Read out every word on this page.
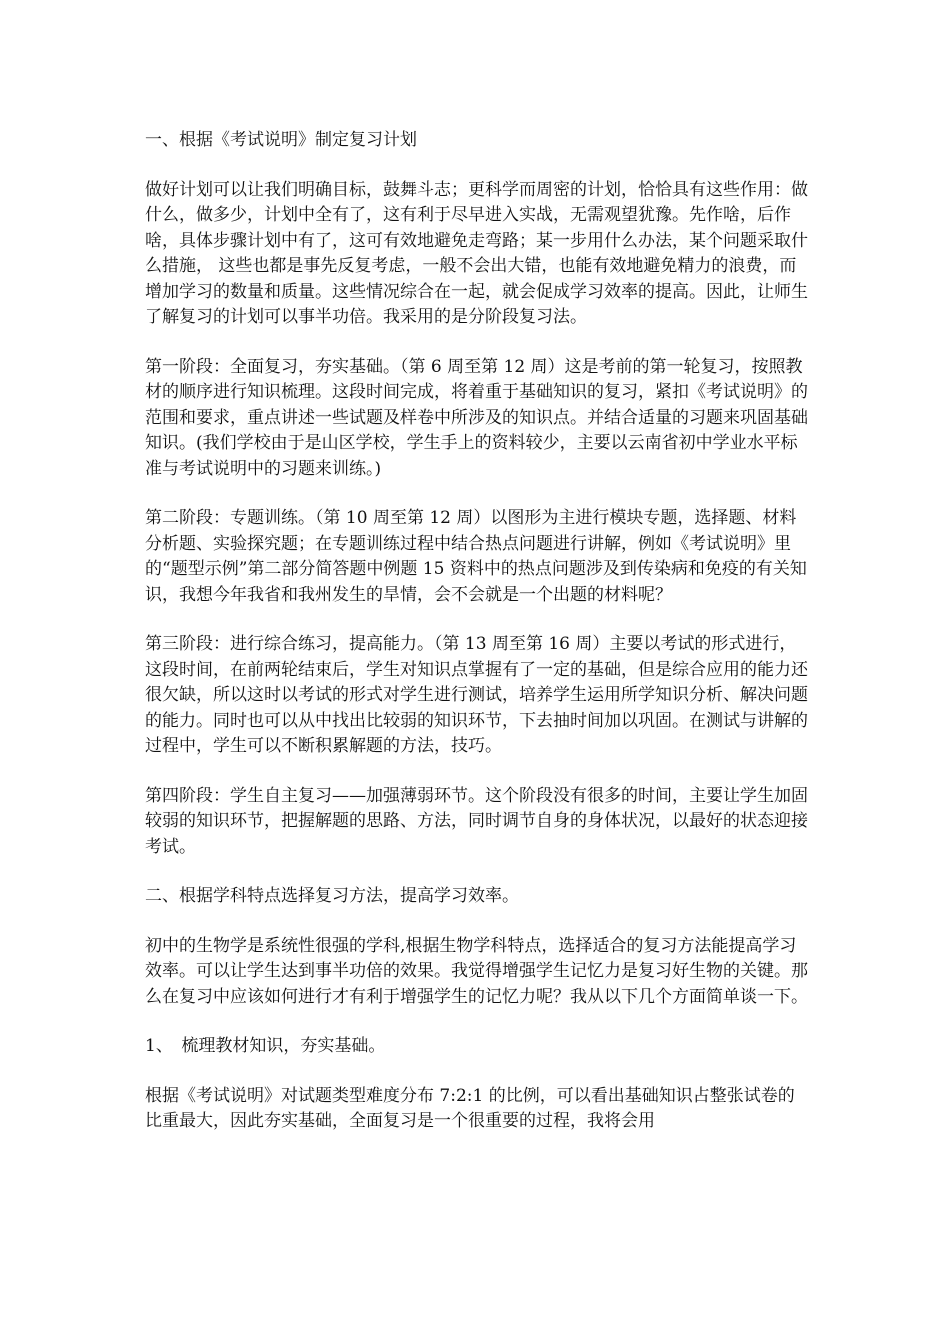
一、根据《考试说明》制定复习计划

做好计划可以让我们明确目标，鼓舞斗志；更科学而周密的计划，恰恰具有这些作用：做什么，做多少，计划中全有了，这有利于尽早进入实战，无需观望犹豫。先作啥，后作啥，具体步骤计划中有了，这可有效地避免走弯路；某一步用什么办法，某个问题采取什么措施， 这些也都是事先反复考虑，一般不会出大错，也能有效地避免精力的浪费，而增加学习的数量和质量。这些情况综合在一起，就会促成学习效率的提高。因此，让师生了解复习的计划可以事半功倍。我采用的是分阶段复习法。

第一阶段：全面复习，夯实基础。（第 6 周至第 12 周）这是考前的第一轮复习，按照教材的顺序进行知识梳理。这段时间完成，将着重于基础知识的复习，紧扣《考试说明》的范围和要求，重点讲述一些试题及样卷中所涉及的知识点。并结合适量的习题来巩固基础知识。(我们学校由于是山区学校，学生手上的资料较少，主要以云南省初中学业水平标准与考试说明中的习题来训练。)

第二阶段：专题训练。（第 10 周至第 12 周）以图形为主进行模块专题，选择题、材料分析题、实验探究题；在专题训练过程中结合热点问题进行讲解，例如《考试说明》里的“题型示例”第二部分简答题中例题 15 资料中的热点问题涉及到传染病和免疫的有关知识，我想今年我省和我州发生的旱情，会不会就是一个出题的材料呢？

第三阶段：进行综合练习，提高能力。（第 13 周至第 16 周）主要以考试的形式进行，这段时间，在前两轮结束后，学生对知识点掌握有了一定的基础，但是综合应用的能力还很欠缺，所以这时以考试的形式对学生进行测试，培养学生运用所学知识分析、解决问题的能力。同时也可以从中找出比较弱的知识环节，下去抽时间加以巩固。在测试与讲解的过程中，学生可以不断积累解题的方法，技巧。

第四阶段：学生自主复习——加强薄弱环节。这个阶段没有很多的时间，主要让学生加固较弱的知识环节，把握解题的思路、方法，同时调节自身的身体状况，以最好的状态迎接考试。

二、根据学科特点选择复习方法，提高学习效率。

初中的生物学是系统性很强的学科,根据生物学科特点，选择适合的复习方法能提高学习效率。可以让学生达到事半功倍的效果。我觉得增强学生记忆力是复习好生物的关键。那么在复习中应该如何进行才有利于增强学生的记忆力呢？我从以下几个方面简单谈一下。

1、　梳理教材知识，夯实基础。

根据《考试说明》对试题类型难度分布 7:2:1 的比例，可以看出基础知识占整张试卷的比重最大，因此夯实基础，全面复习是一个很重要的过程，我将会用
